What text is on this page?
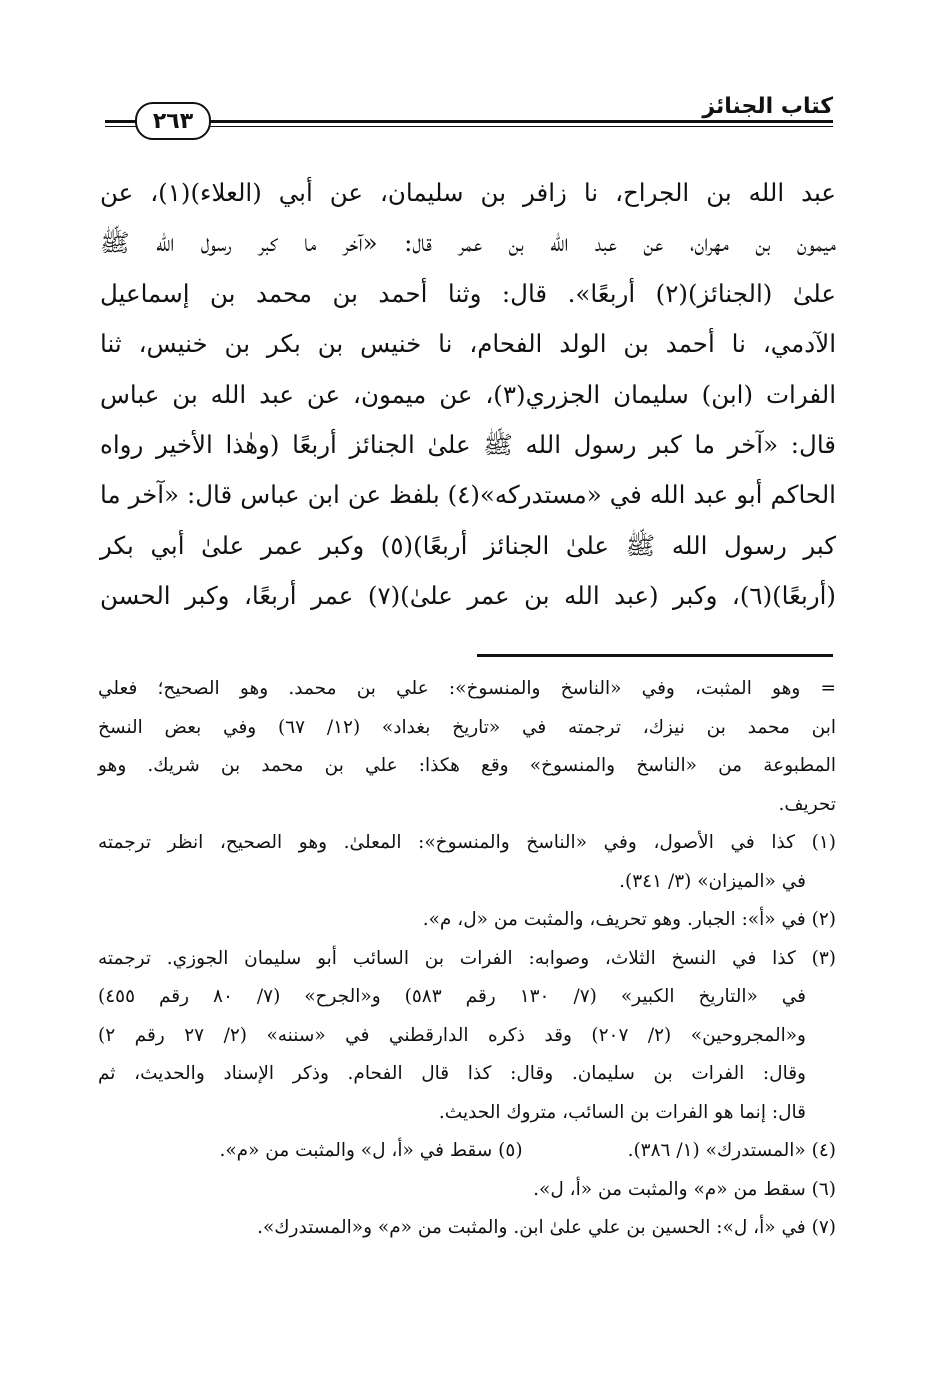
كتاب الجنائز
٢٦٣
عبد الله بن الجراح، نا زافر بن سليمان، عن أبي (العلاء)(١)، عن
ميمون بن مهران، عن عبد الله بن عمر قال: «آخر ما كبر رسول الله ﷺ
علىٰ (الجنائز)(٢) أربعًا». قال: وثنا أحمد بن محمد بن إسماعيل
الآدمي، نا أحمد بن الولد الفحام، نا خنيس بن بكر بن خنيس، ثنا
الفرات (ابن) سليمان الجزري(٣)، عن ميمون، عن عبد الله بن عباس
قال: «آخر ما كبر رسول الله ﷺ علىٰ الجنائز أربعًا (وهٰذا الأخير رواه
الحاكم أبو عبد الله في «مستدركه»(٤) بلفظ عن ابن عباس قال: «آخر ما
كبر رسول الله ﷺ علىٰ الجنائز أربعًا)(٥) وكبر عمر علىٰ أبي بكر
(أربعًا)(٦)، وكبر (عبد الله بن عمر علىٰ)(٧) عمر أربعًا، وكبر الحسن
= وهو المثبت، وفي «الناسخ والمنسوخ»: علي بن محمد. وهو الصحيح؛ فعلي
ابن محمد بن نيزك، ترجمته في «تاريخ بغداد» (١٢/ ٦٧) وفي بعض النسخ
المطبوعة من «الناسخ والمنسوخ» وقع هكذا: علي بن محمد بن شريك. وهو
تحريف.
(١) كذا في الأصول، وفي «الناسخ والمنسوخ»: المعلىٰ. وهو الصحيح، انظر ترجمته
في «الميزان» (٣/ ٣٤١).
(٢) في «أ»: الجبار. وهو تحريف، والمثبت من «ل، م».
(٣) كذا في النسخ الثلاث، وصوابه: الفرات بن السائب أبو سليمان الجوزي. ترجمته
في «التاريخ الكبير» (٧/ ١٣٠ رقم ٥٨٣) و«الجرح» (٧/ ٨٠ رقم ٤٥٥)
و«المجروحين» (٢/ ٢٠٧) وقد ذكره الدارقطني في «سننه» (٢/ ٢٧ رقم ٢)
وقال: الفرات بن سليمان. وقال: كذا قال الفحام. وذكر الإسناد والحديث، ثم
قال: إنما هو الفرات بن السائب، متروك الحديث.
(٤) «المستدرك» (١/ ٣٨٦).
(٥) سقط في «أ، ل» والمثبت من «م».
(٦) سقط من «م» والمثبت من «أ، ل».
(٧) في «أ، ل»: الحسين بن علي علىٰ ابن. والمثبت من «م» و«المستدرك».
